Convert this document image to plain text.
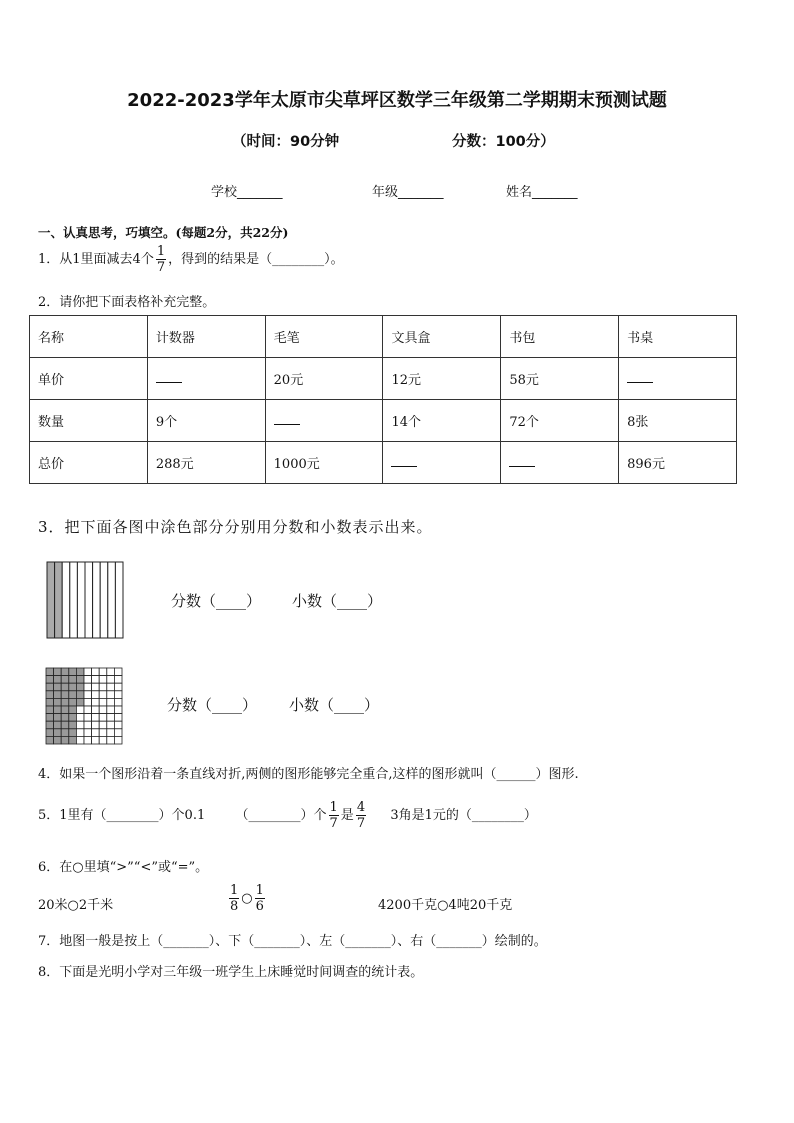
2022-2023学年太原市尖草坪区数学三年级第二学期期末预测试题
（时间：90分钟	分数：100分）
学校_______	年级_______	姓名_______
一、认真思考，巧填空。(每题2分，共22分)
1．从1里面减去4个 $\frac{1}{7}$ ，得到的结果是（________）。
2．请你把下面表格补充完整。
名称	计数器	毛笔	文具盒	书包	书桌
单价		20元	12元	58元	
数量	9个		14个	72个	8张
总价	288元	1000元			896元
3．把下面各图中涂色部分分别用分数和小数表示出来。
分数（____） 小数（____）
分数（____） 小数（____）
4．如果一个图形沿着一条直线对折,两侧的图形能够完全重合,这样的图形就叫（______）图形.
5．1里有（________）个0.1 （________）个 $\frac{1}{7}$ 是 $\frac{4}{7} 3$角是1元的（________）
6．在○里填“>”“<”或“=”。
20米○2千米	$\frac{1}{8}$ ○ $\frac{1}{6}$	4200千克○4吨20千克
7．地图一般是按上（_______）、下（_______）、左（_______）、右（_______）绘制的。
8．下面是光明小学对三年级一班学生上床睡觉时间调查的统计表。
